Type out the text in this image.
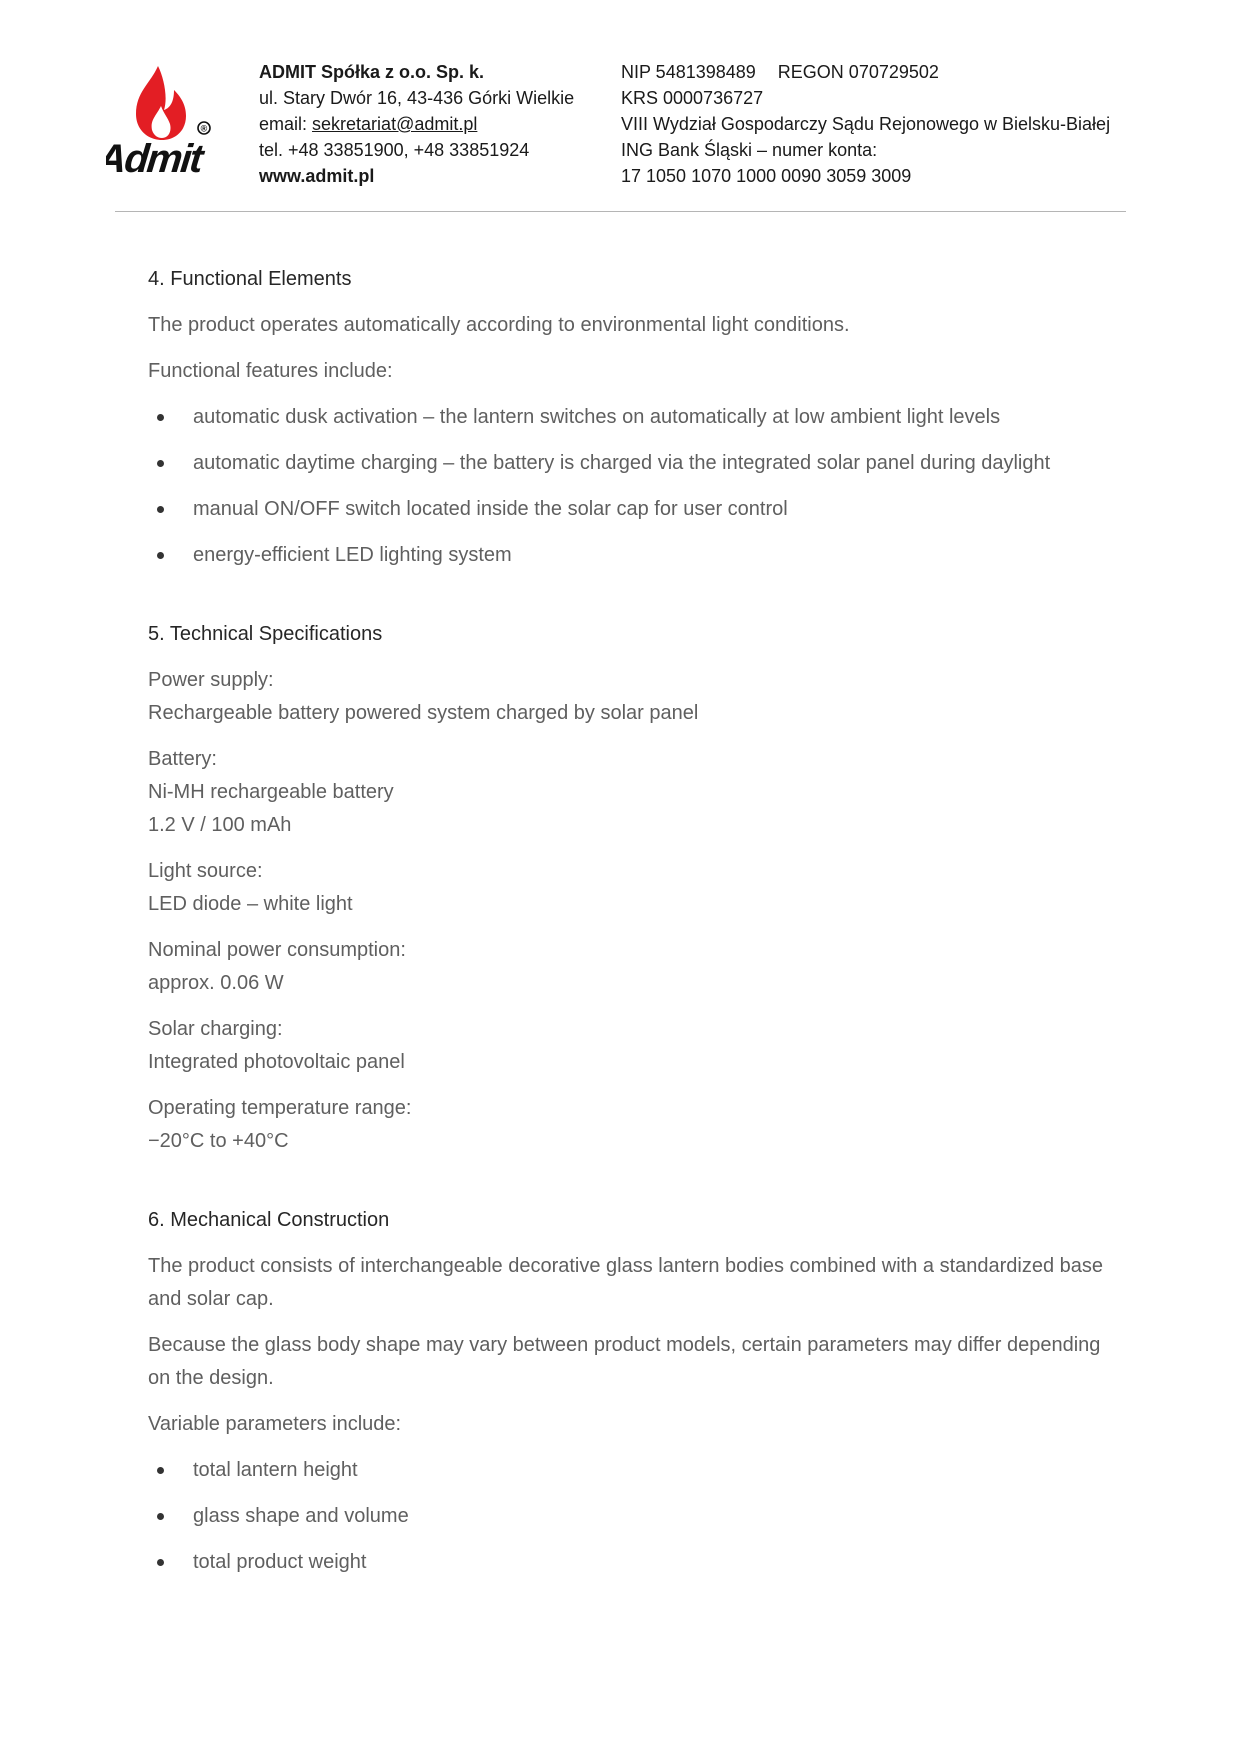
®
Admit
ADMIT Spółka z o.o. Sp. k.
ul. Stary Dwór 16, 43-436 Górki Wielkie
email: sekretariat@admit.pl
tel. +48 33851900, +48 33851924
www.admit.pl
NIP 5481398489 REGON 070729502
KRS 0000736727
VIII Wydział Gospodarczy Sądu Rejonowego w Bielsku-Białej
ING Bank Śląski – numer konta:
17 1050 1070 1000 0090 3059 3009
4. Functional Elements
The product operates automatically according to environmental light conditions.
Functional features include:
automatic dusk activation – the lantern switches on automatically at low ambient light levels
automatic daytime charging – the battery is charged via the integrated solar panel during daylight
manual ON/OFF switch located inside the solar cap for user control
energy-efficient LED lighting system
5. Technical Specifications
Power supply:
Rechargeable battery powered system charged by solar panel
Battery:
Ni-MH rechargeable battery
1.2 V / 100 mAh
Light source:
LED diode – white light
Nominal power consumption:
approx. 0.06 W
Solar charging:
Integrated photovoltaic panel
Operating temperature range:
−20°C to +40°C
6. Mechanical Construction
The product consists of interchangeable decorative glass lantern bodies combined with a standardized base and solar cap.
Because the glass body shape may vary between product models, certain parameters may differ depending on the design.
Variable parameters include:
total lantern height
glass shape and volume
total product weight
